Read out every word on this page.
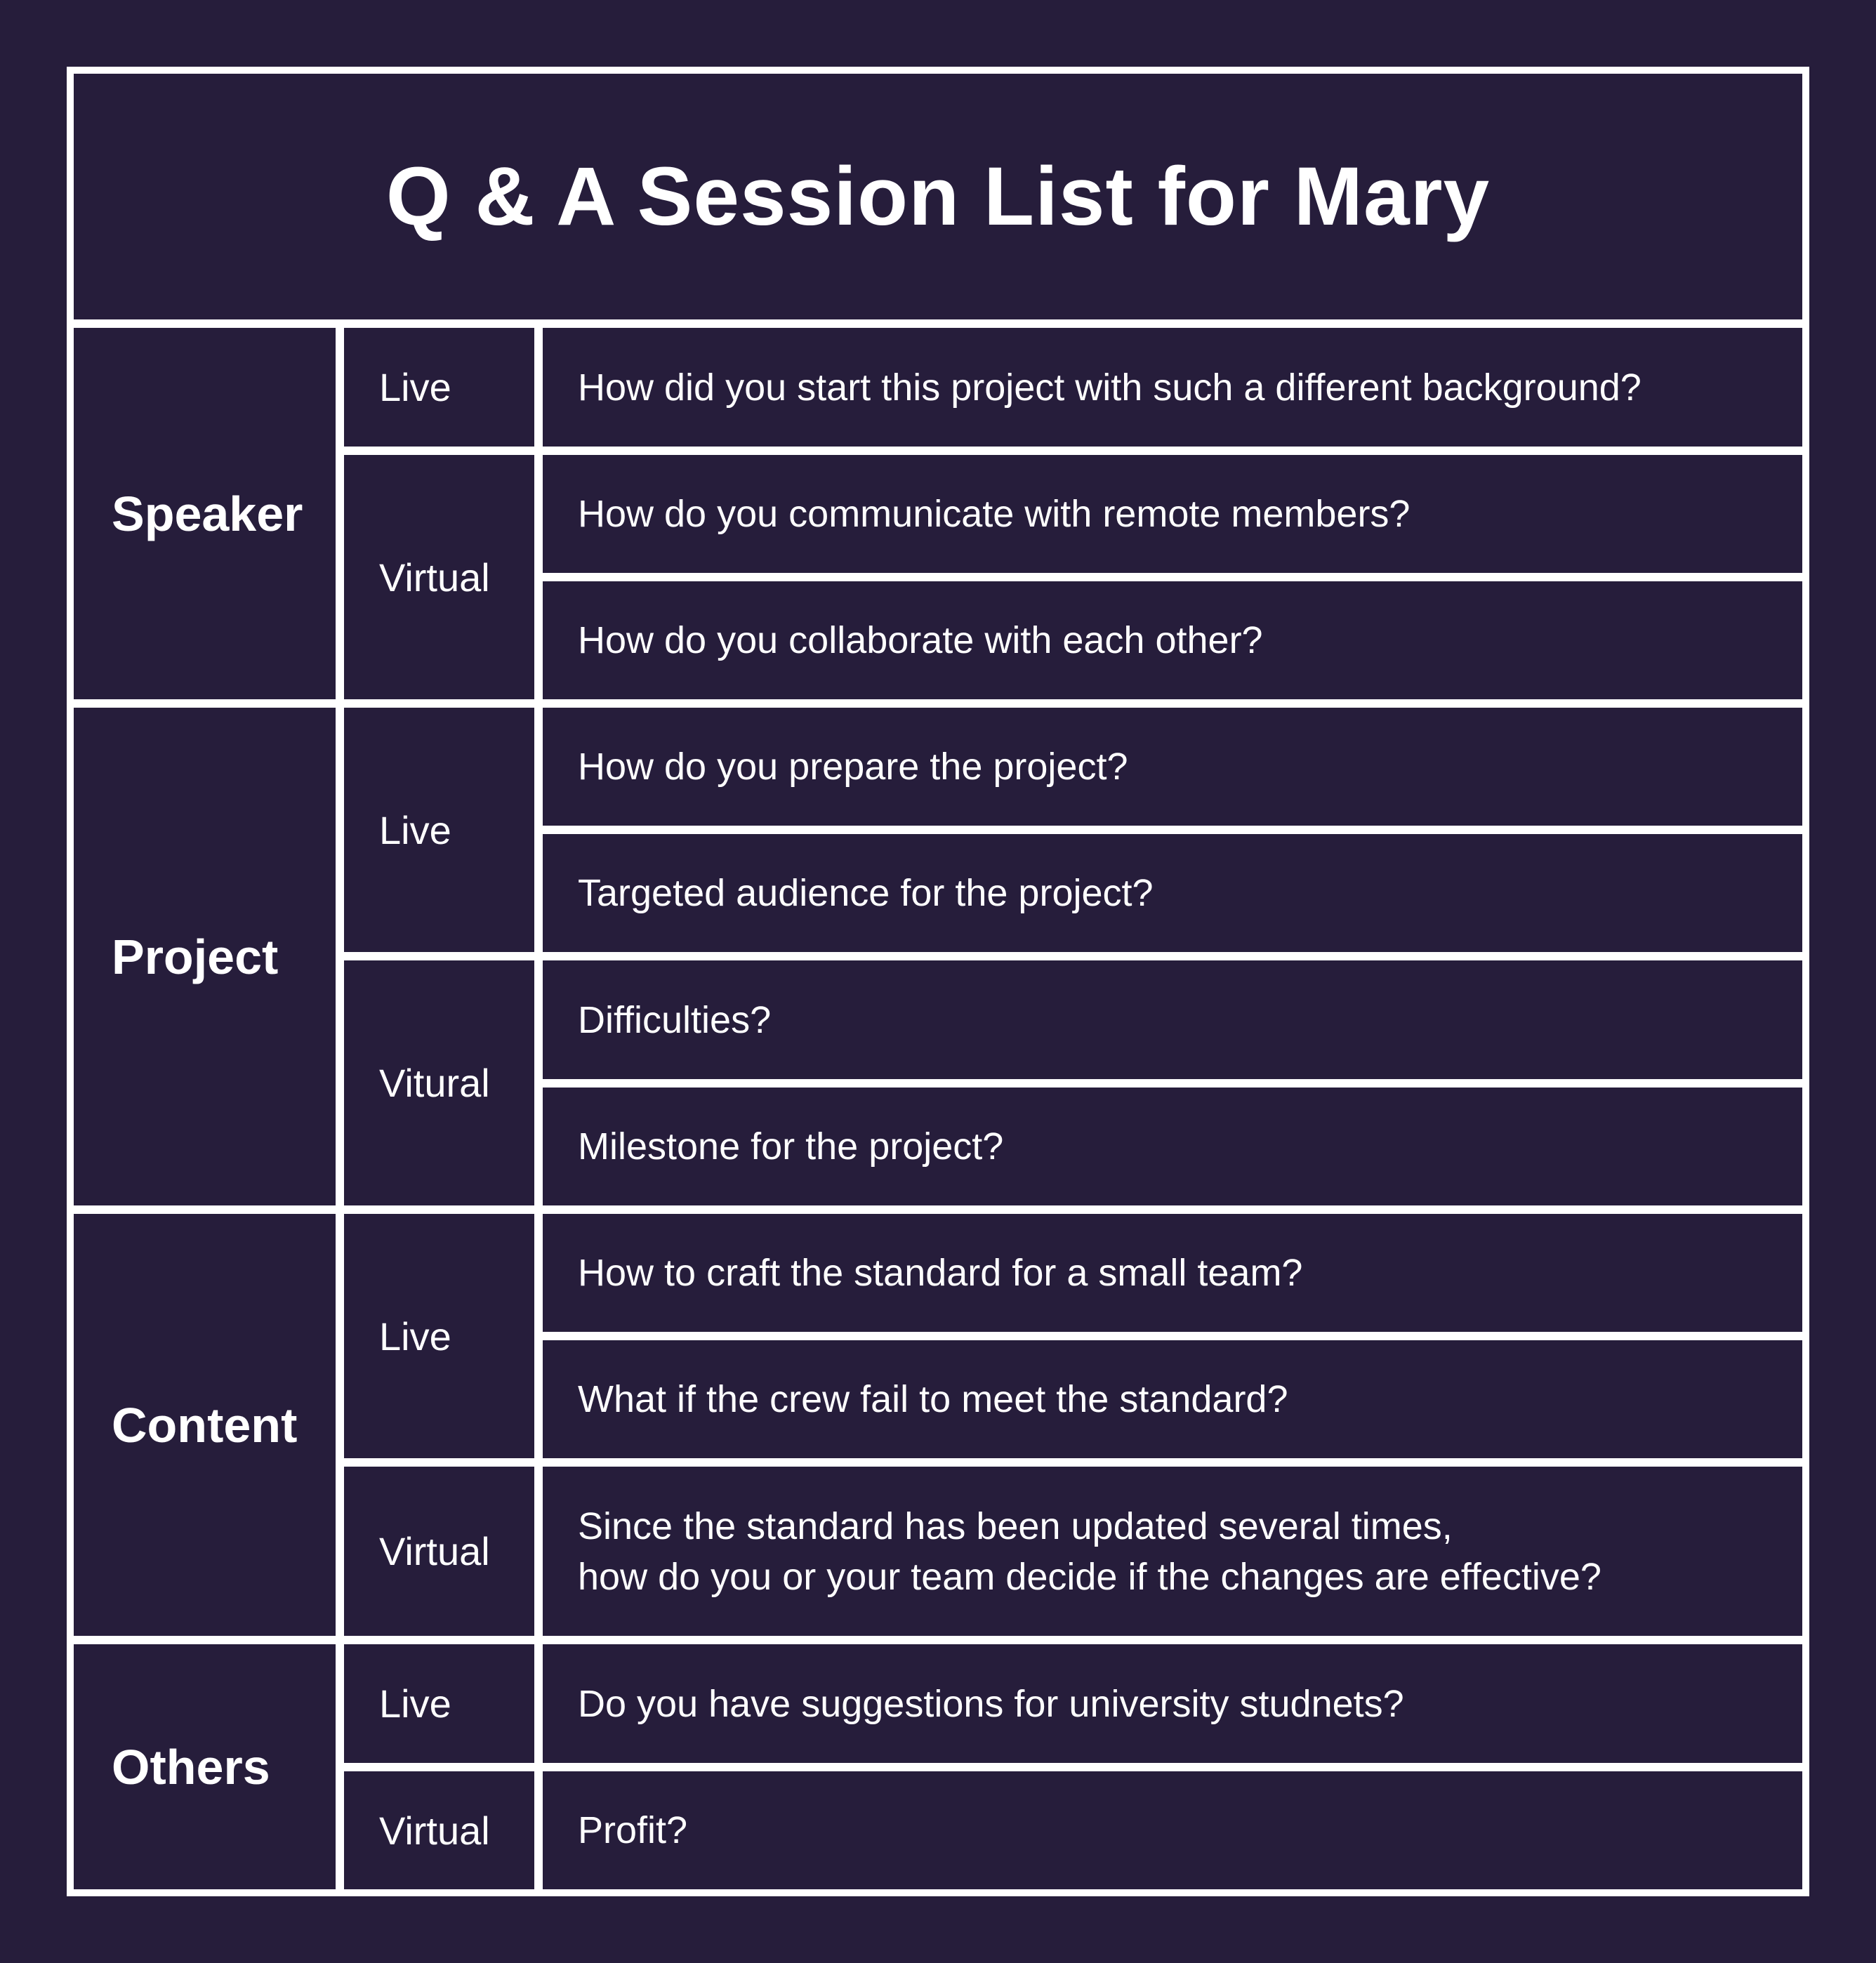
Q & A Session List for Mary
Speaker
Project
Content
Others
Live
Virtual
Live
Vitural
Live
Virtual
Live
Virtual
How did you start this project with such a different background?
How do you communicate with remote members?
How do you collaborate with each other?
How do you prepare the project?
Targeted audience for the project?
Difficulties?
Milestone for the project?
How to craft the standard for a small team?
What if the crew fail to meet the standard?
Since the standard has been updated several times,
how do you or your team decide if the changes are effective?
Do you have suggestions for university studnets?
Profit?
